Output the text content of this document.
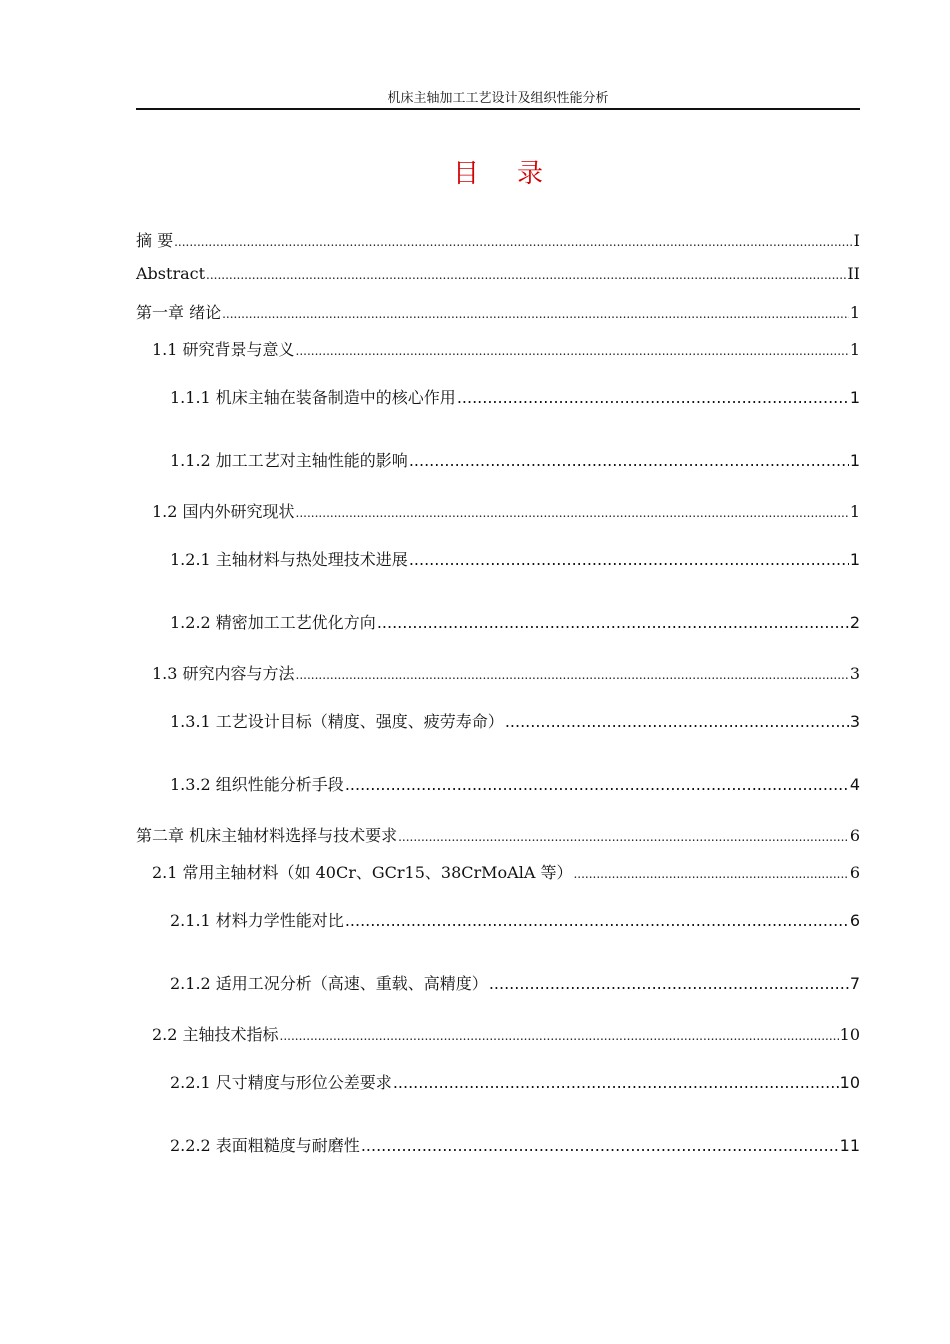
机床主轴加工工艺设计及组织性能分析
目录
摘 要 .....	I
Abstract .....	II
第一章 绪论 .....	1
1.1 研究背景与意义 .....	1
1.1.1 机床主轴在装备制造中的核心作用 .....	1
1.1.2 加工工艺对主轴性能的影响 .....	1
1.2 国内外研究现状 .....	1
1.2.1 主轴材料与热处理技术进展 .....	1
1.2.2 精密加工工艺优化方向 .....	2
1.3 研究内容与方法 .....	3
1.3.1 工艺设计目标（精度、强度、疲劳寿命） .....	3
1.3.2 组织性能分析手段 .....	4
第二章 机床主轴材料选择与技术要求 .....	6
2.1 常用主轴材料（如 40Cr、GCr15、38CrMoAlA 等） .....	6
2.1.1 材料力学性能对比 .....	6
2.1.2 适用工况分析（高速、重载、高精度） .....	7
2.2 主轴技术指标 .....	10
2.2.1 尺寸精度与形位公差要求 .....	10
2.2.2 表面粗糙度与耐磨性 .....	11
